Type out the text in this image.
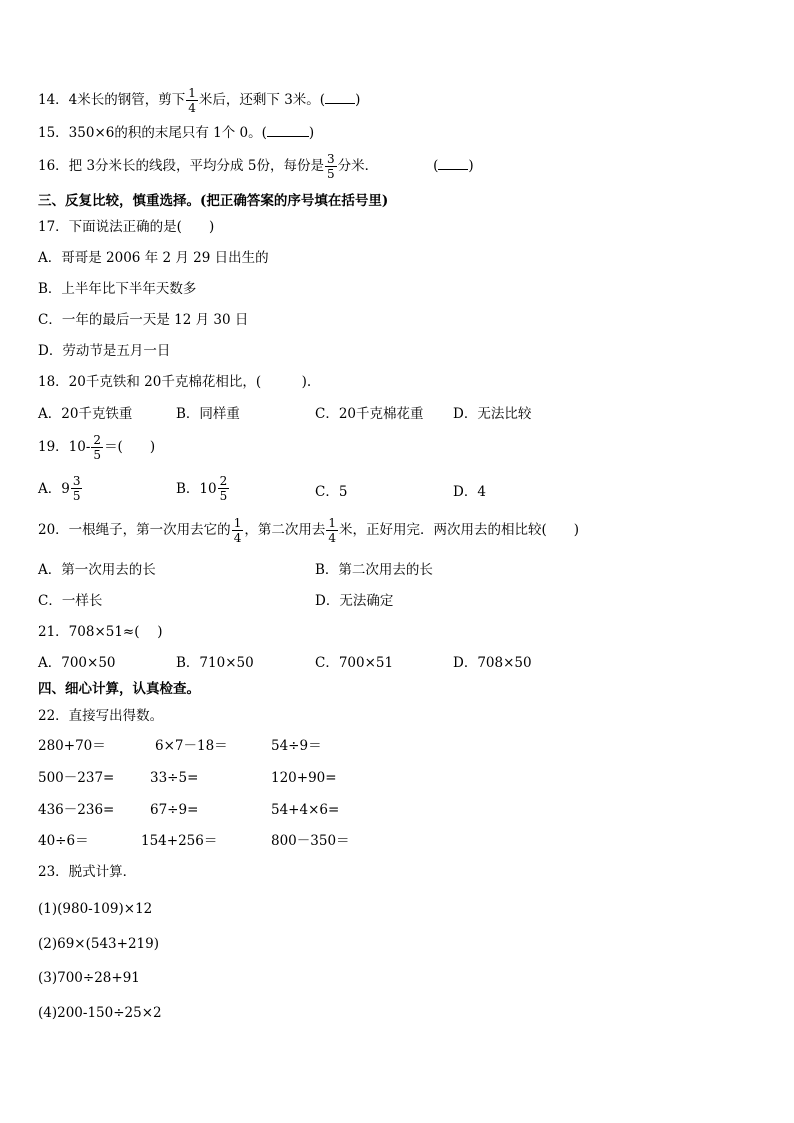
14．4米长的钢管，剪下 $\frac{1}{4}$ 米后，还剩下 3米。( )
15．350×6的积的末尾只有 1个 0。(	)
16．把 3分米长的线段，平均分成 5份，每份是 $\frac{3}{5}$ 分米．	( )
三、反复比较，慎重选择。(把正确答案的序号填在括号里)
17．下面说法正确的是(　　)
A．哥哥是 2006 年 2 月 29 日出生的
B．上半年比下半年天数多
C．一年的最后一天是 12 月 30 日
D．劳动节是五月一日
18．20千克铁和 20千克棉花相比，(　　　).
A．20千克铁重	B．同样重	C．20千克棉花重 D．无法比较
19．$10- \frac{2}{5}$ ＝(　　)
A．$9 \frac{3}{5}$	B．$10 \frac{2}{5}$	C．5	D．4
20．一根绳子，第一次用去它的 $\frac{1}{4}$ ，第二次用去 $\frac{1}{4}$ 米，正好用完．两次用去的相比较(　　)
A．第一次用去的长	B．第二次用去的长
C．一样长	D．无法确定
21．708×51≈(　 )
A．700×50	B．710×50	C．700×51	D．708×50
四、细心计算，认真检查。
22．直接写出得数。
280+70＝	6×7－18＝	54÷9＝
500－237=	33÷5=	120+90=
436－236=	67÷9=	54+4×6=
40÷6＝	154+256＝	800－350＝
23．脱式计算．
(1)(980-109)×12
(2)69×(543+219)
(3)700÷28+91
(4)200-150÷25×2
